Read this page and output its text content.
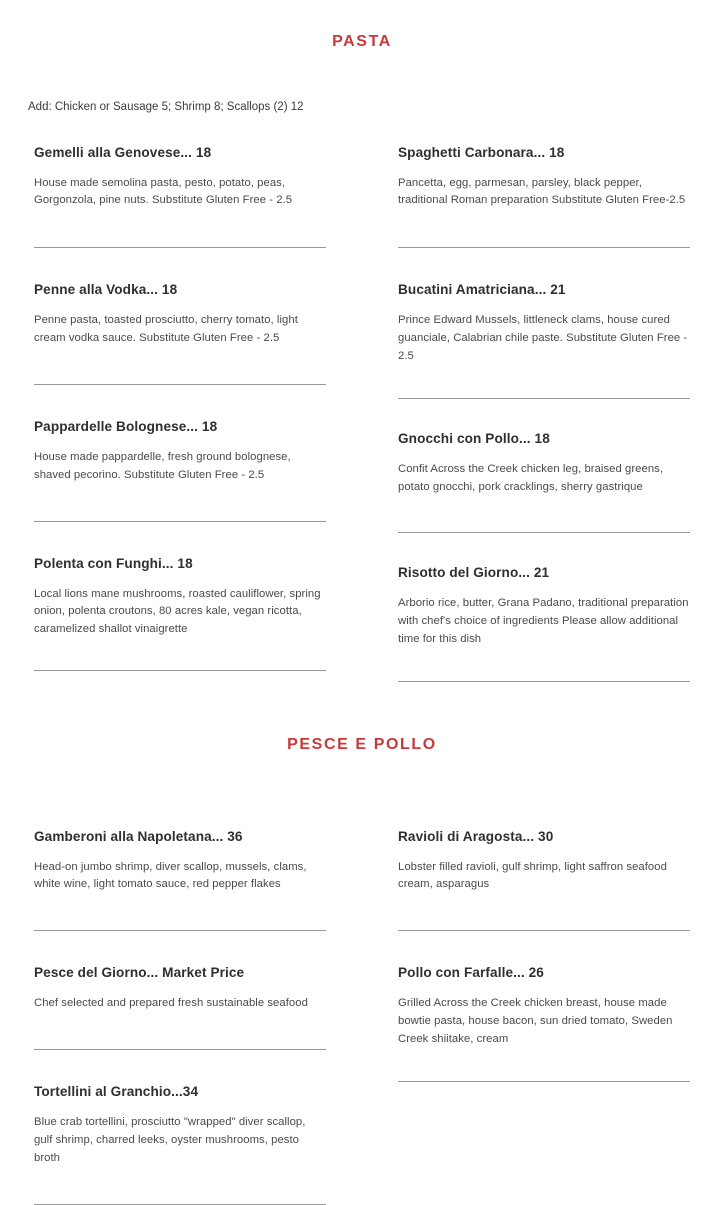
PASTA

Add: Chicken or Sausage 5; Shrimp 8; Scallops (2) 12

Gemelli alla Genovese... 18

House made semolina pasta, pesto, potato, peas, Gorgonzola, pine nuts. Substitute Gluten Free - 2.5

Penne alla Vodka... 18

Penne pasta, toasted prosciutto, cherry tomato, light cream vodka sauce. Substitute Gluten Free - 2.5

Pappardelle Bolognese... 18

House made pappardelle, fresh ground bolognese, shaved pecorino. Substitute Gluten Free - 2.5

Polenta con Funghi... 18

Local lions mane mushrooms, roasted cauliflower, spring onion, polenta croutons, 80 acres kale, vegan ricotta, caramelized shallot vinaigrette

Spaghetti Carbonara... 18

Pancetta, egg, parmesan, parsley, black pepper, traditional Roman preparation Substitute Gluten Free-2.5

Bucatini Amatriciana... 21

Prince Edward Mussels, littleneck clams, house cured guanciale, Calabrian chile paste. Substitute Gluten Free - 2.5

Gnocchi con Pollo... 18

Confit Across the Creek chicken leg, braised greens, potato gnocchi, pork cracklings, sherry gastrique

Risotto del Giorno... 21

Arborio rice, butter, Grana Padano, traditional preparation with chef's choice of ingredients Please allow additional time for this dish

PESCE E POLLO
Gamberoni alla Napoletana... 36

Head-on jumbo shrimp, diver scallop, mussels, clams, white wine, light tomato sauce, red pepper flakes

Pesce del Giorno... Market Price

Chef selected and prepared fresh sustainable seafood

Tortellini al Granchio...34

Blue crab tortellini, prosciutto "wrapped" diver scallop, gulf shrimp, charred leeks, oyster mushrooms, pesto broth

Ravioli di Aragosta... 30

Lobster filled ravioli, gulf shrimp, light saffron seafood cream, asparagus

Pollo con Farfalle... 26

Grilled Across the Creek chicken breast, house made bowtie pasta, house bacon, sun dried tomato, Sweden Creek shiitake, cream
